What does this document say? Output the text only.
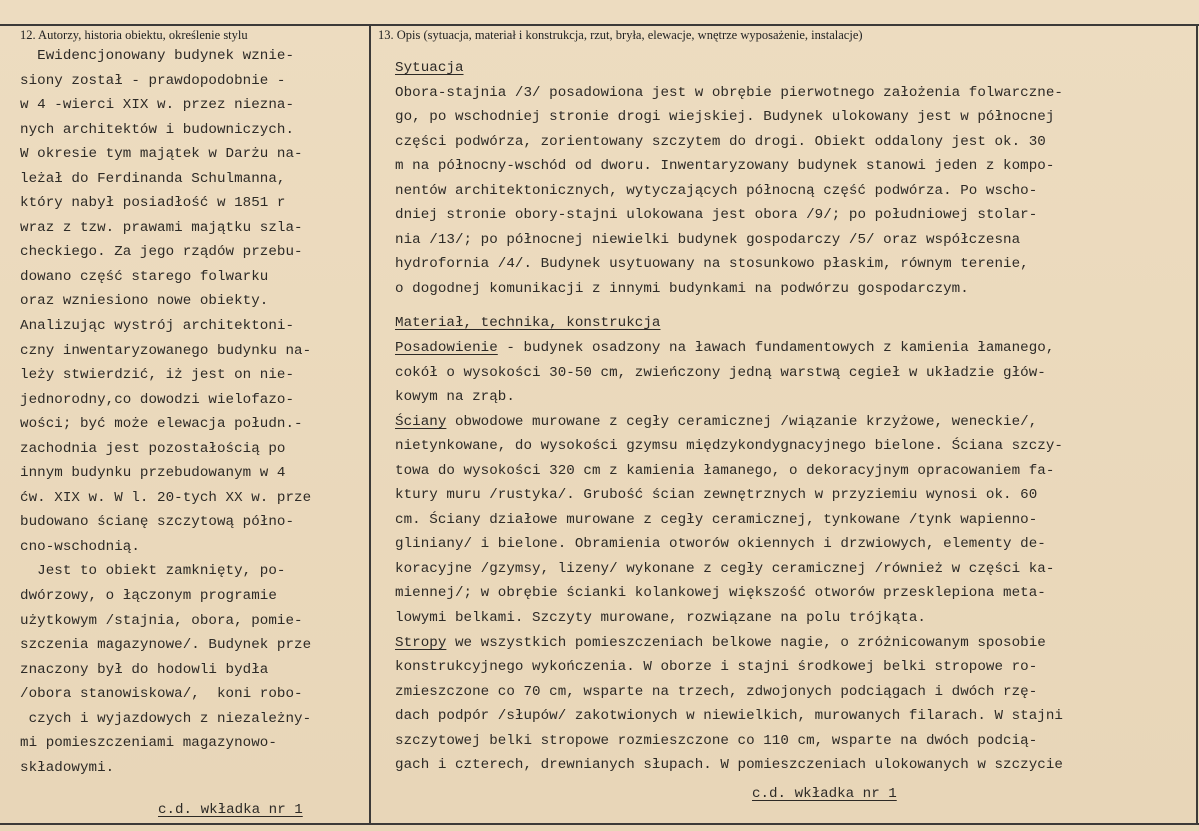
12. Autorzy, historia obiektu, określenie stylu	13. Opis (sytuacja, materiał i konstrukcja, rzut, bryła, elewacje, wnętrze wyposażenie, instalacje)
Ewidencjonowany budynek wznie-
siony został - prawdopodobnie -
w 4 -wierci XIX w. przez nieznа-
nych architektów i budowniczych.
W okresie tym majątek w Darżu na-
leżał do Ferdinanda Schulmanna,
który nabył posiadłość w 1851 r
wraz z tzw. prawami majątku szla-
checkiego. Za jego rządów przebu-
dowano część starego folwarku
oraz wzniesiono nowe obiekty.
Analizując wystrój architektoni-
czny inwentaryzowanego budynku na-
leży stwierdzić, iż jest on nie-
jednorodny,co dowodzi wielofazo-
wości; być może elewacja połudn.-
zachodnia jest pozostałością po
innym budynku przebudowanym w 4
ćw. XIX w. W l. 20-tych XX w. prze
budowano ścianę szczytową półno-
cno-wschodnią.
Jest to obiekt zamknięty, po-
dwórzowy, o łączonym programie
użytkowym /stajnia, obora, pomie-
szczenia magazynowe/. Budynek prze
znaczony był do hodowli bydła
/obora stanowiskowa/,  koni robo-
czych i wyjazdowych z niezależny-
mi pomieszczeniami magazynowo-
składowymi.
c.d. wkładka nr 1
Sytuacja
Obora-stajnia /3/ posadowiona jest w obrębie pierwotnego założenia folwarczne-
go, po wschodniej stronie drogi wiejskiej. Budynek ulokowany jest w północnej
części podwórza, zorientowany szczytem do drogi. Obiekt oddalony jest ok. 30
m na północny-wschód od dworu. Inwentaryzowany budynek stanowi jeden z kompo-
nentów architektonicznych, wytyczających północną część podwórza. Po wscho-
dniej stronie obory-stajni ulokowana jest obora /9/; po południowej stolar-
nia /13/; po północnej niewielki budynek gospodarczy /5/ oraz współczesna
hydrofornia /4/. Budynek usytuowany na stosunkowo płaskim, równym terenie,
o dogodnej komunikacji z innymi budynkami na podwórzu gospodarczym.
Materiał, technika, konstrukcja
Posadowienie - budynek osadzony na ławach fundamentowych z kamienia łamanego,
cokół o wysokości 30-50 cm, zwieńczony jedną warstwą cegieł w układzie głów-
kowym na zrąb.
Ściany obwodowe murowane z cegły ceramicznej /wiązanie krzyżowe, weneckie/,
nietynkowane, do wysokości gzymsu międzykondygnacyjnego bielone. Ściana szczy-
towa do wysokości 320 cm z kamienia łamanego, o dekoracyjnym opracowaniem fa-
ktury muru /rustyka/. Grubość ścian zewnętrznych w przyziemiu wynosi ok. 60
cm. Ściany działowe murowane z cegły ceramicznej, tynkowane /tynk wapienno-
gliniany/ i bielone. Obramienia otworów okiennych i drzwiowych, elementy de-
koracyjne /gzymsy, lizeny/ wykonane z cegły ceramicznej /również w części ka-
miennej/; w obrębie ścianki kolankowej większość otworów przesklepiona meta-
lowymi belkami. Szczyty murowane, rozwiązane na polu trójkąta.
Stropy we wszystkich pomieszczeniach belkowe nagie, o zróżnicowanym sposobie
konstrukcyjnego wykończenia. W oborze i stajni środkowej belki stropowe ro-
zmieszczone co 70 cm, wsparte na trzech, zdwojonych podciągach i dwóch rzę-
dach podpór /słupów/ zakotwionych w niewielkich, murowanych filarach. W stajni
szczytowej belki stropowe rozmieszczone co 110 cm, wsparte na dwóch podcią-
gach i czterech, drewnianych słupach. W pomieszczeniach ulokowanych w szczycie
c.d. wkładka nr 1
